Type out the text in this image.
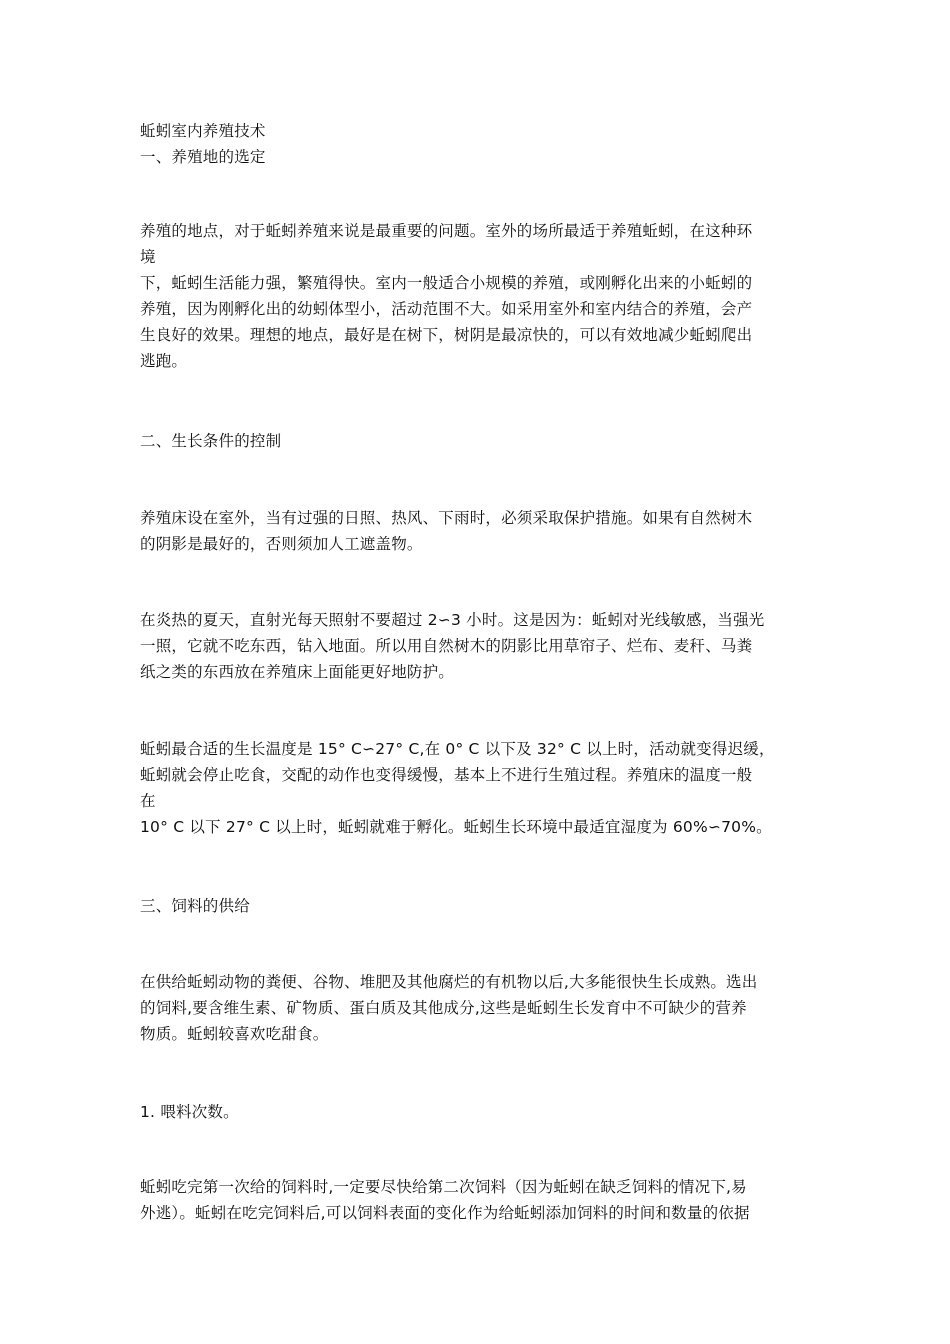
蚯蚓室内养殖技术
一、养殖地的选定
养殖的地点，对于蚯蚓养殖来说是最重要的问题。室外的场所最适于养殖蚯蚓，在这种环
境
下，蚯蚓生活能力强，繁殖得快。室内一般适合小规模的养殖，或刚孵化出来的小蚯蚓的
养殖，因为刚孵化出的幼蚓体型小，活动范围不大。如采用室外和室内结合的养殖，会产
生良好的效果。理想的地点，最好是在树下，树阴是最凉快的，可以有效地减少蚯蚓爬出
逃跑。
二、生长条件的控制
养殖床设在室外，当有过强的日照、热风、下雨时，必须采取保护措施。如果有自然树木
的阴影是最好的，否则须加人工遮盖物。
在炎热的夏天，直射光每天照射不要超过 2∽3 小时。这是因为：蚯蚓对光线敏感，当强光
一照，它就不吃东西，钻入地面。所以用自然树木的阴影比用草帘子、烂布、麦秆、马粪
纸之类的东西放在养殖床上面能更好地防护。
蚯蚓最合适的生长温度是 15° C∽27° C,在 0° C 以下及 32° C 以上时，活动就变得迟缓，
蚯蚓就会停止吃食，交配的动作也变得缓慢，基本上不进行生殖过程。养殖床的温度一般
在
10° C 以下 27° C 以上时，蚯蚓就难于孵化。蚯蚓生长环境中最适宜湿度为 60%∽70%。
三、饲料的供给
在供给蚯蚓动物的粪便、谷物、堆肥及其他腐烂的有机物以后,大多能很快生长成熟。选出
的饲料,要含维生素、矿物质、蛋白质及其他成分,这些是蚯蚓生长发育中不可缺少的营养
物质。蚯蚓较喜欢吃甜食。
1. 喂料次数。
蚯蚓吃完第一次给的饲料时,一定要尽快给第二次饲料（因为蚯蚓在缺乏饲料的情况下,易
外逃）。蚯蚓在吃完饲料后,可以饲料表面的变化作为给蚯蚓添加饲料的时间和数量的依据
